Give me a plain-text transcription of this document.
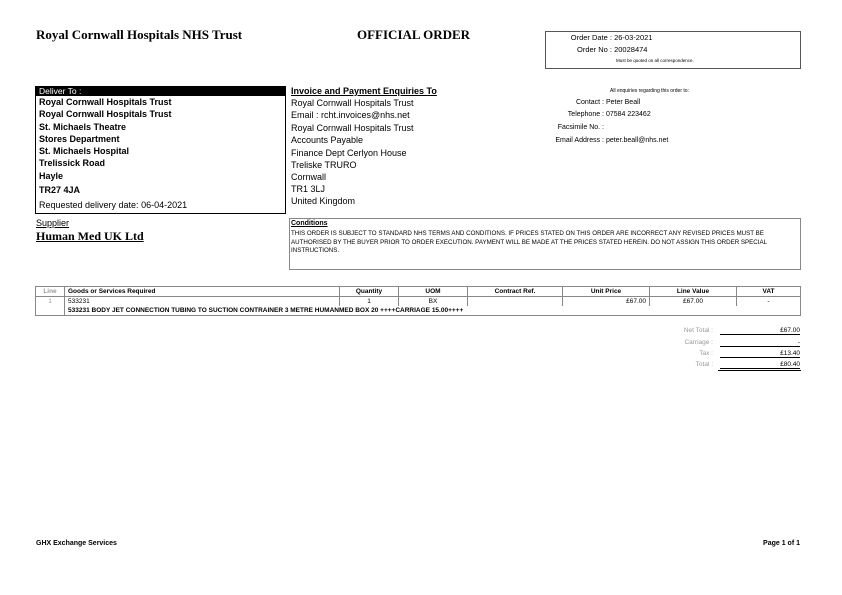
Royal Cornwall Hospitals NHS Trust	OFFICIAL ORDER	Order Date : 26-03-2021
Order No : 20028474
Must be quoted on all correspondence.
Deliver To :
Royal Cornwall Hospitals Trust
Royal Cornwall Hospitals Trust
St. Michaels Theatre
Stores Department
St. Michaels Hospital
Trelissick Road
Hayle
TR27 4JA
Requested delivery date: 06-04-2021
Invoice and Payment Enquiries To
Royal Cornwall Hospitals Trust
Email : rcht.invoices@nhs.net
Royal Cornwall Hospitals Trust
Accounts Payable
Finance Dept Cerlyon House
Treliske TRURO
Cornwall
TR1 3LJ
United Kingdom
All enquiries regarding this order to:
Contact : Peter Beall
Telephone : 07584 223462
Facsimile No. :
Email Address : peter.beall@nhs.net
Supplier
Human Med UK Ltd
Conditions
THIS ORDER IS SUBJECT TO STANDARD NHS TERMS AND CONDITIONS. IF PRICES STATED ON THIS ORDER ARE INCORRECT ANY REVISED PRICES MUST BE AUTHORISED BY THE BUYER PRIOR TO ORDER EXECUTION. PAYMENT WILL BE MADE AT THE PRICES STATED HEREIN. DO NOT ASSIGN THIS ORDER SPECIAL INSTRUCTIONS.
Line	Goods or Services Required	Quantity	UOM	Contract Ref.	Unit Price	Line Value	VAT
1	533231	1	BX		£67.00	£67.00	-
	533231 BODY JET CONNECTION TUBING TO SUCTION CONTRAINER 3 METRE HUMANMED BOX 20 ++++CARRIAGE 15.00++++						
Net Total :	£67.00
Carriage :	-
Tax :	£13.40
Total :	£80.40
GHX Exchange Services	Page 1 of 1
